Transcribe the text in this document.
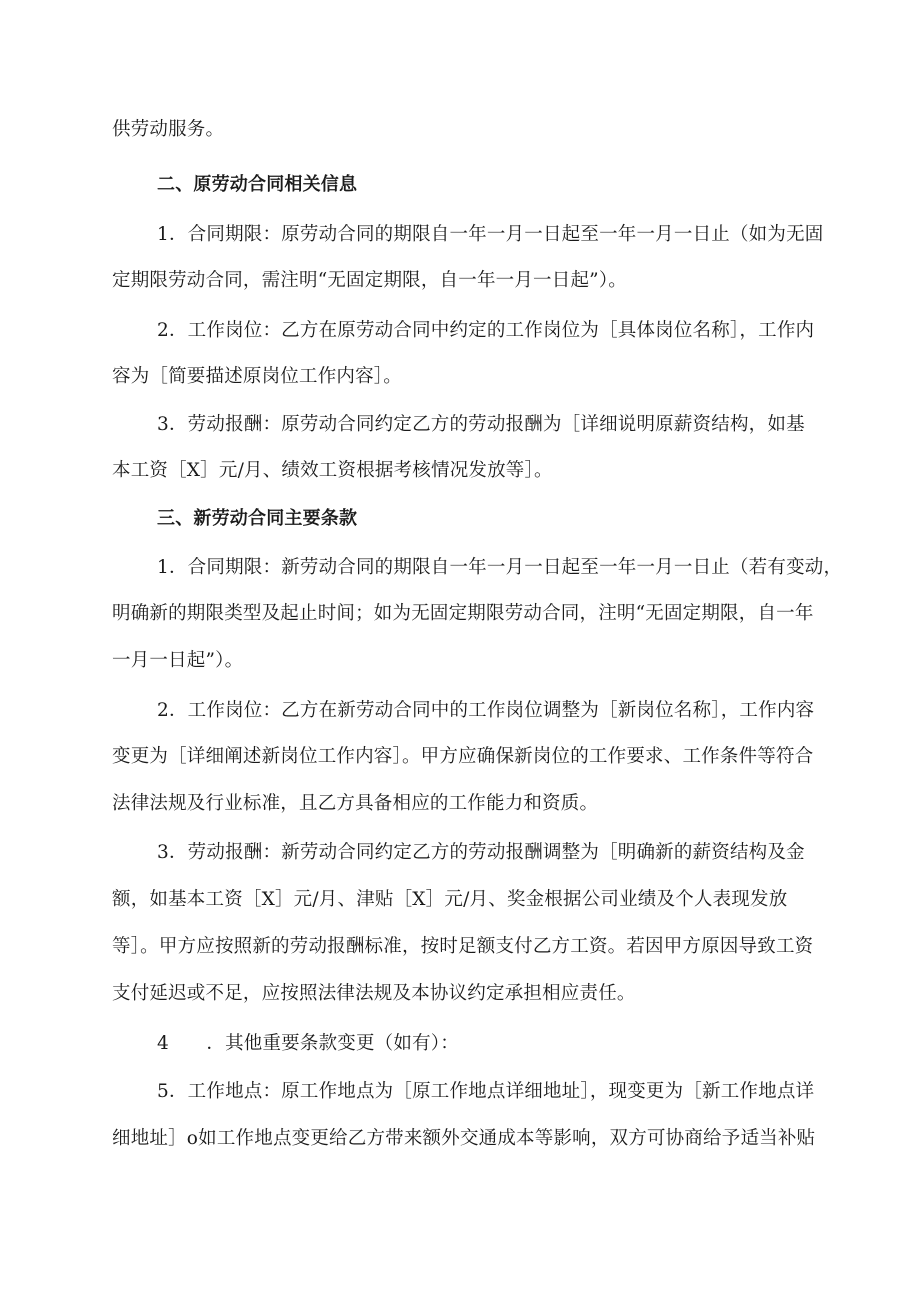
供劳动服务。

二、原劳动合同相关信息

1．合同期限：原劳动合同的期限自一年一月一日起至一年一月一日止（如为无固

定期限劳动合同，需注明“无固定期限，自一年一月一日起”）。

2．工作岗位：乙方在原劳动合同中约定的工作岗位为［具体岗位名称］，工作内

容为［简要描述原岗位工作内容］。

3．劳动报酬：原劳动合同约定乙方的劳动报酬为［详细说明原薪资结构，如基

本工资［X］元/月、绩效工资根据考核情况发放等］。

三、新劳动合同主要条款

1．合同期限：新劳动合同的期限自一年一月一日起至一年一月一日止（若有变动，

明确新的期限类型及起止时间；如为无固定期限劳动合同，注明“无固定期限，自一年

一月一日起”）。

2．工作岗位：乙方在新劳动合同中的工作岗位调整为［新岗位名称］，工作内容

变更为［详细阐述新岗位工作内容］。甲方应确保新岗位的工作要求、工作条件等符合

法律法规及行业标准，且乙方具备相应的工作能力和资质。

3．劳动报酬：新劳动合同约定乙方的劳动报酬调整为［明确新的薪资结构及金

额，如基本工资［X］元/月、津贴［X］元/月、奖金根据公司业绩及个人表现发放

等］。甲方应按照新的劳动报酬标准，按时足额支付乙方工资。若因甲方原因导致工资

支付延迟或不足，应按照法律法规及本协议约定承担相应责任。

4　　．其他重要条款变更（如有）：

5．工作地点：原工作地点为［原工作地点详细地址］，现变更为［新工作地点详

细地址］o如工作地点变更给乙方带来额外交通成本等影响，双方可协商给予适当补贴
